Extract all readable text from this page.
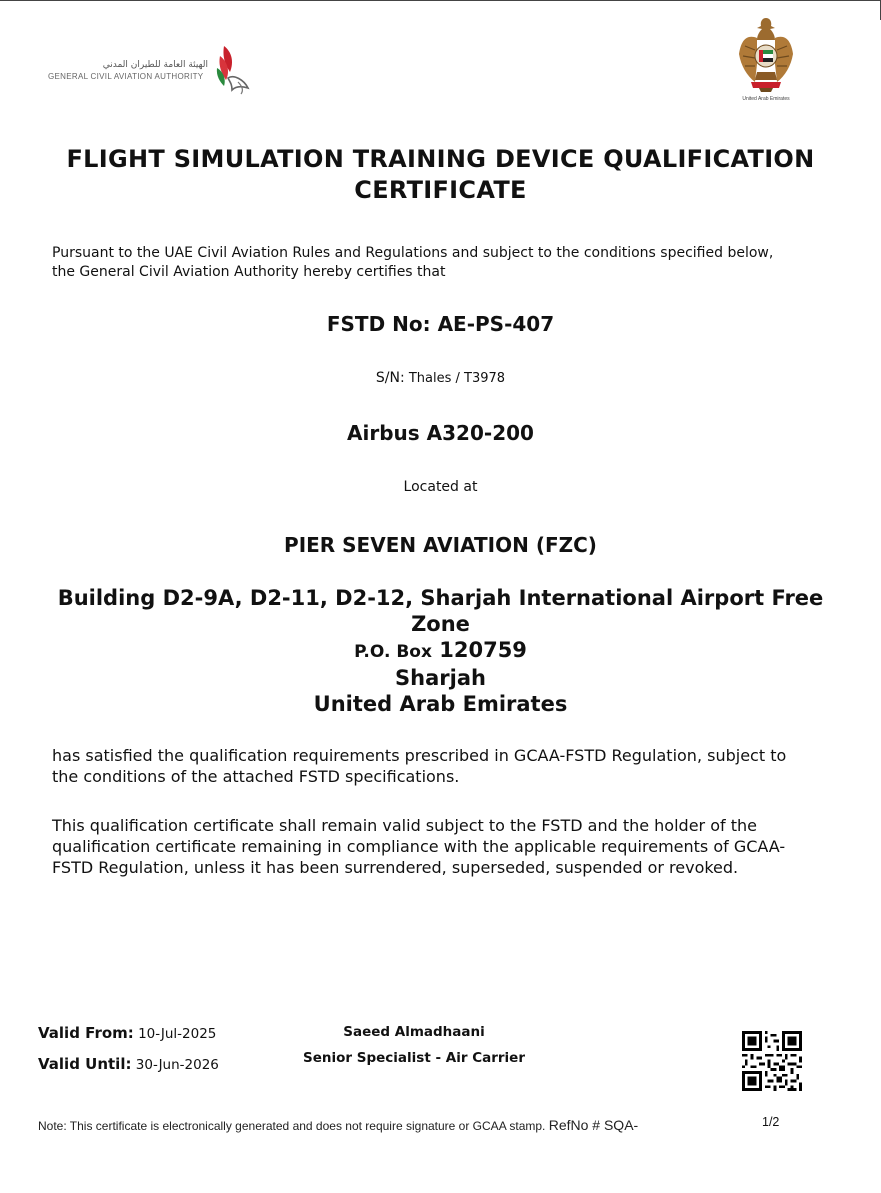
الهيئة العامة للطيران المدني
GENERAL CIVIL AVIATION AUTHORITY
United Arab Emirates
FLIGHT SIMULATION TRAINING DEVICE QUALIFICATION
CERTIFICATE
Pursuant to the UAE Civil Aviation Rules and Regulations and subject to the conditions specified below,
the General Civil Aviation Authority hereby certifies that
FSTD No: AE-PS-407
S/N: Thales / T3978
Airbus A320-200
Located at
PIER SEVEN AVIATION (FZC)
Building D2-9A, D2-11, D2-12, Sharjah International Airport Free
Zone
P.O. Box 120759
Sharjah
United Arab Emirates
has satisfied the qualification requirements prescribed in GCAA-FSTD Regulation, subject to
the conditions of the attached FSTD specifications.
This qualification certificate shall remain valid subject to the FSTD and the holder of the
qualification certificate remaining in compliance with the applicable requirements of GCAA-
FSTD Regulation, unless it has been surrendered, superseded, suspended or revoked.
Valid From: 10-Jul-2025
Valid Until: 30-Jun-2026
Saeed Almadhaani
Senior Specialist - Air Carrier
Note: This certificate is electronically generated and does not require signature or GCAA stamp. RefNo # SQA-	1/2
